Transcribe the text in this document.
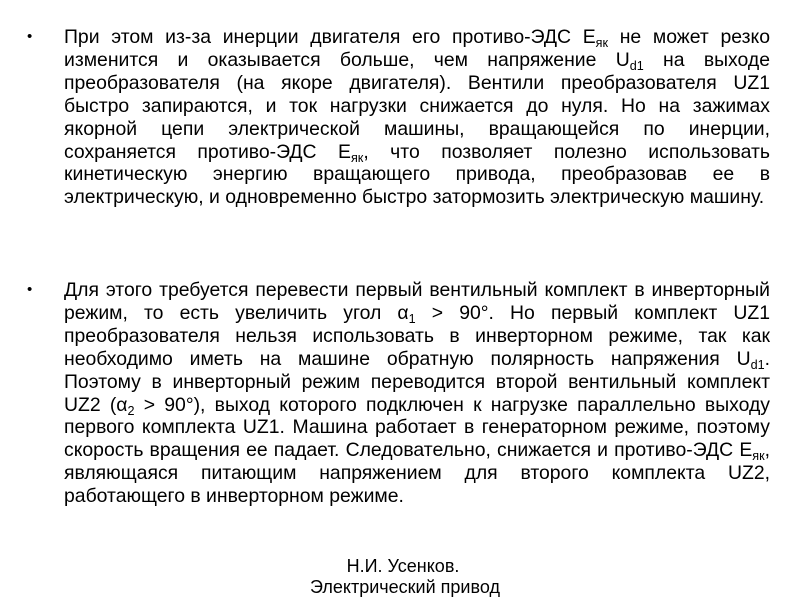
• При этом из-за инерции двигателя его противо-ЭДС $E_{як}$ не может резко изменится и оказывается больше, чем напряжение $U_{d1}$ на выходе преобразователя (на якоре двигателя). Вентили преобразователя UZ1 быстро запираются, и ток нагрузки снижается до нуля. Но на зажимах якорной цепи электрической машины, вращающейся по инерции, сохраняется противо-ЭДС $E_{як}$, что позволяет полезно использовать кинетическую энергию вращающего привода, преобразовав ее в электрическую, и одновременно быстро затормозить электрическую машину.

• Для этого требуется перевести первый вентильный комплект в инверторный режим, то есть увеличить угол $\alpha_1 > 90^\circ$. Но первый комплект UZ1 преобразователя нельзя использовать в инверторном режиме, так как необходимо иметь на машине обратную полярность напряжения $U_{d1}$. Поэтому в инверторный режим переводится второй вентильный комплект UZ2 $(\alpha_2 > 90^\circ)$, выход которого подключен к нагрузке параллельно выходу первого комплекта UZ1. Машина работает в генераторном режиме, поэтому скорость вращения ее падает. Следовательно, снижается и противо-ЭДС $E_{як}$, являющаяся питающим напряжением для второго комплекта UZ2, работающего в инверторном режиме.

Н.И. Усенков.

Электрический привод
